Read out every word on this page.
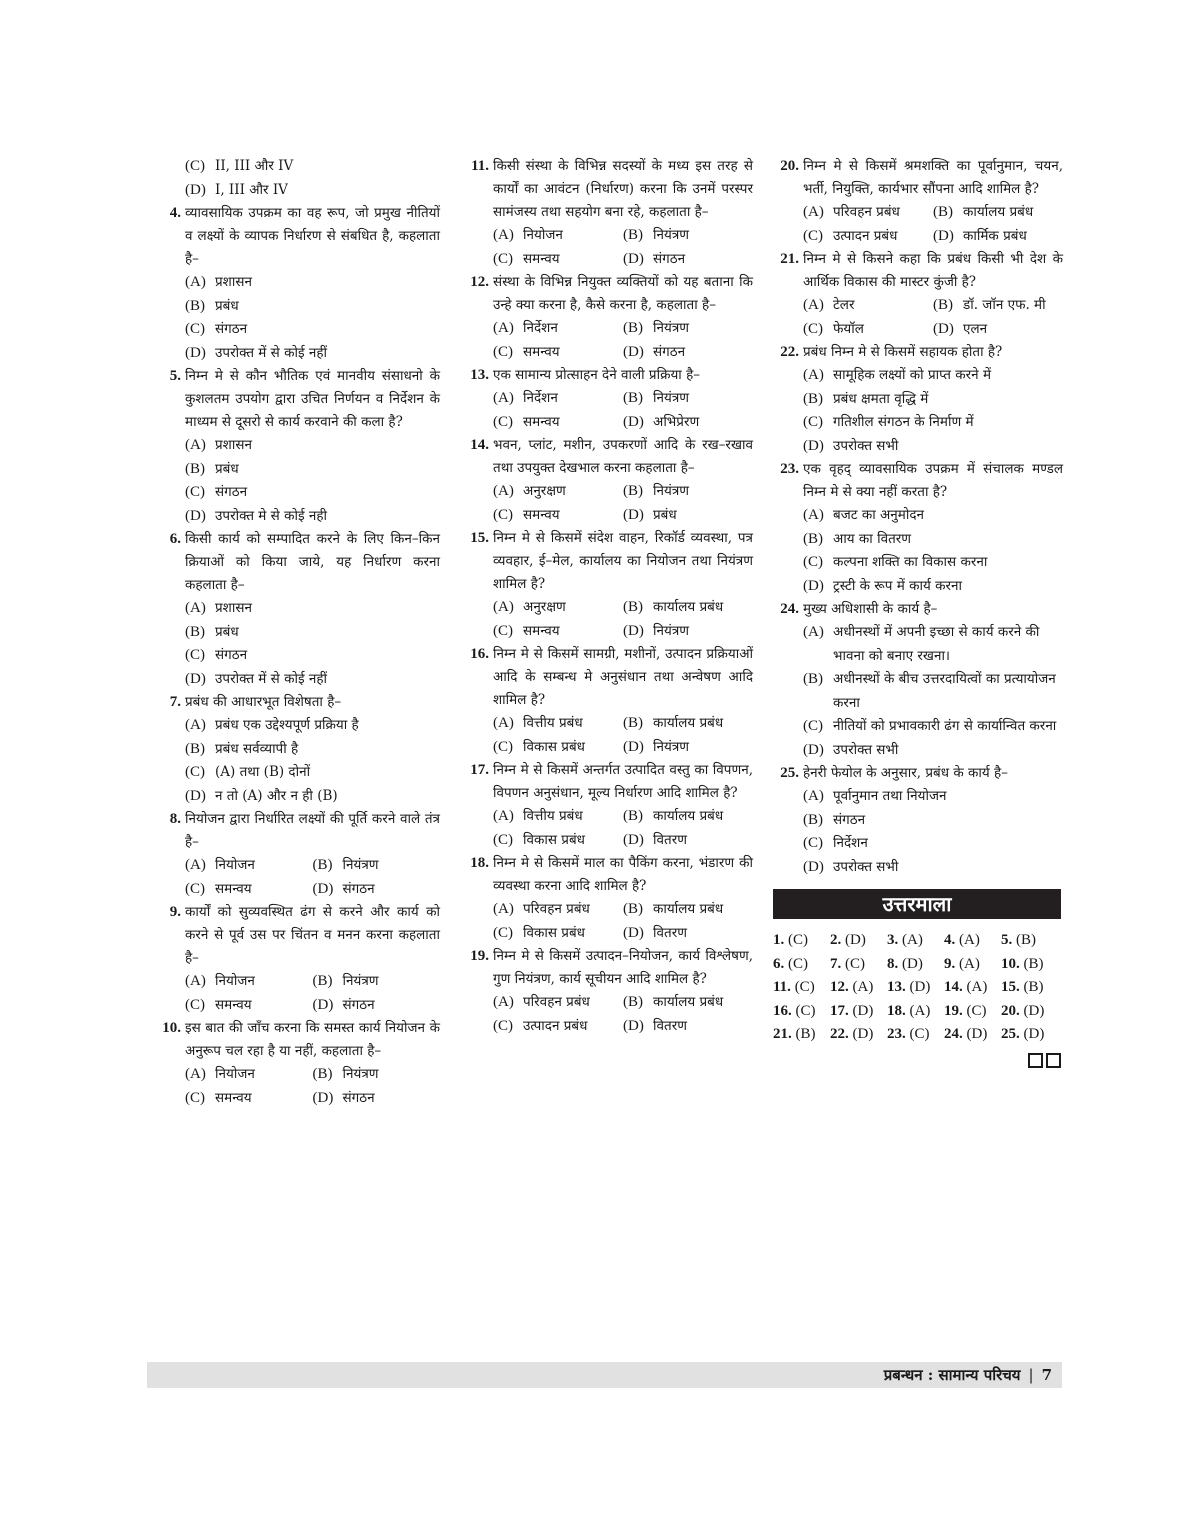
(C) II, III और IV
(D) I, III और IV
4. व्यावसायिक उपक्रम का वह रूप, जो प्रमुख नीतियों व लक्ष्यों के व्यापक निर्धारण से संबधित है, कहलाता है–
(A) प्रशासन
(B) प्रबंध
(C) संगठन
(D) उपरोक्त में से कोई नहीं
5. निम्न मे से कौन भौतिक एवं मानवीय संसाधनो के कुशलतम उपयोग द्वारा उचित निर्णयन व निर्देशन के माध्यम से दूसरो से कार्य करवाने की कला है?
(A) प्रशासन
(B) प्रबंध
(C) संगठन
(D) उपरोक्त मे से कोई नही
6. किसी कार्य को सम्पादित करने के लिए किन–किन क्रियाओं को किया जाये, यह निर्धारण करना कहलाता है–
(A) प्रशासन
(B) प्रबंध
(C) संगठन
(D) उपरोक्त में से कोई नहीं
7. प्रबंध की आधारभूत विशेषता है–
(A) प्रबंध एक उद्देश्यपूर्ण प्रक्रिया है
(B) प्रबंध सर्वव्यापी है
(C) (A) तथा (B) दोनों
(D) न तो (A) और न ही (B)
8. नियोजन द्वारा निर्धारित लक्ष्यों की पूर्ति करने वाले तंत्र है–
(A) नियोजन	(B) नियंत्रण
(C) समन्वय	(D) संगठन
9. कार्यों को सुव्यवस्थित ढंग से करने और कार्य को करने से पूर्व उस पर चिंतन व मनन करना कहलाता है–
(A) नियोजन	(B) नियंत्रण
(C) समन्वय	(D) संगठन
10. इस बात की जाँच करना कि समस्त कार्य नियोजन के अनुरूप चल रहा है या नहीं, कहलाता है–
(A) नियोजन	(B) नियंत्रण
(C) समन्वय	(D) संगठन
11. किसी संस्था के विभिन्न सदस्यों के मध्य इस तरह से कार्यों का आवंटन (निर्धारण) करना कि उनमें परस्पर सामंजस्य तथा सहयोग बना रहे, कहलाता है–
(A) नियोजन	(B) नियंत्रण
(C) समन्वय	(D) संगठन
12. संस्था के विभिन्न नियुक्त व्यक्तियों को यह बताना कि उन्हे क्या करना है, कैसे करना है, कहलाता है–
(A) निर्देशन	(B) नियंत्रण
(C) समन्वय	(D) संगठन
13. एक सामान्य प्रोत्साहन देने वाली प्रक्रिया है–
(A) निर्देशन	(B) नियंत्रण
(C) समन्वय	(D) अभिप्रेरण
14. भवन, प्लांट, मशीन, उपकरणों आदि के रख–रखाव तथा उपयुक्त देखभाल करना कहलाता है–
(A) अनुरक्षण	(B) नियंत्रण
(C) समन्वय	(D) प्रबंध
15. निम्न मे से किसमें संदेश वाहन, रिकॉर्ड व्यवस्था, पत्र व्यवहार, ई–मेल, कार्यालय का नियोजन तथा नियंत्रण शामिल है?
(A) अनुरक्षण	(B) कार्यालय प्रबंध
(C) समन्वय	(D) नियंत्रण
16. निम्न मे से किसमें सामग्री, मशीनों, उत्पादन प्रक्रियाओं आदि के सम्बन्ध मे अनुसंधान तथा अन्वेषण आदि शामिल है?
(A) वित्तीय प्रबंध	(B) कार्यालय प्रबंध
(C) विकास प्रबंध	(D) नियंत्रण
17. निम्न मे से किसमें अन्तर्गत उत्पादित वस्तु का विपणन, विपणन अनुसंधान, मूल्य निर्धारण आदि शामिल है?
(A) वित्तीय प्रबंध	(B) कार्यालय प्रबंध
(C) विकास प्रबंध	(D) वितरण
18. निम्न मे से किसमें माल का पैकिंग करना, भंडारण की व्यवस्था करना आदि शामिल है?
(A) परिवहन प्रबंध	(B) कार्यालय प्रबंध
(C) विकास प्रबंध	(D) वितरण
19. निम्न मे से किसमें उत्पादन–नियोजन, कार्य विश्लेषण, गुण नियंत्रण, कार्य सूचीयन आदि शामिल है?
(A) परिवहन प्रबंध	(B) कार्यालय प्रबंध
(C) उत्पादन प्रबंध	(D) वितरण
20. निम्न मे से किसमें श्रमशक्ति का पूर्वानुमान, चयन, भर्ती, नियुक्ति, कार्यभार सौंपना आदि शामिल है?
(A) परिवहन प्रबंध	(B) कार्यालय प्रबंध
(C) उत्पादन प्रबंध	(D) कार्मिक प्रबंध
21. निम्न मे से किसने कहा कि प्रबंध किसी भी देश के आर्थिक विकास की मास्टर कुंजी है?
(A) टेलर	(B) डॉ. जॉन एफ. मी
(C) फेयॉल	(D) एलन
22. प्रबंध निम्न मे से किसमें सहायक होता है?
(A) सामूहिक लक्ष्यों को प्राप्त करने में
(B) प्रबंध क्षमता वृद्धि में
(C) गतिशील संगठन के निर्माण में
(D) उपरोक्त सभी
23. एक वृहद् व्यावसायिक उपक्रम में संचालक मण्डल निम्न मे से क्या नहीं करता है?
(A) बजट का अनुमोदन
(B) आय का वितरण
(C) कल्पना शक्ति का विकास करना
(D) ट्रस्टी के रूप में कार्य करना
24. मुख्य अधिशासी के कार्य है–
(A) अधीनस्थों में अपनी इच्छा से कार्य करने की भावना को बनाए रखना।
(B) अधीनस्थों के बीच उत्तरदायित्वों का प्रत्यायोजन करना
(C) नीतियों को प्रभावकारी ढंग से कार्यान्वित करना
(D) उपरोक्त सभी
25. हेनरी फेयोल के अनुसार, प्रबंध के कार्य है–
(A) पूर्वानुमान तथा नियोजन
(B) संगठन
(C) निर्देशन
(D) उपरोक्त सभी
उत्तरमाला
1. (C)	2. (D)	3. (A)	4. (A)	5. (B)
6. (C)	7. (C)	8. (D)	9. (A)	10. (B)
11. (C)	12. (A) 13. (D) 14. (A) 15. (B)
16. (C) 17. (D) 18. (A) 19. (C) 20. (D)
21. (B) 22. (D) 23. (C) 24. (D) 25. (D)
प्रबन्धन : सामान्य परिचय | 7
